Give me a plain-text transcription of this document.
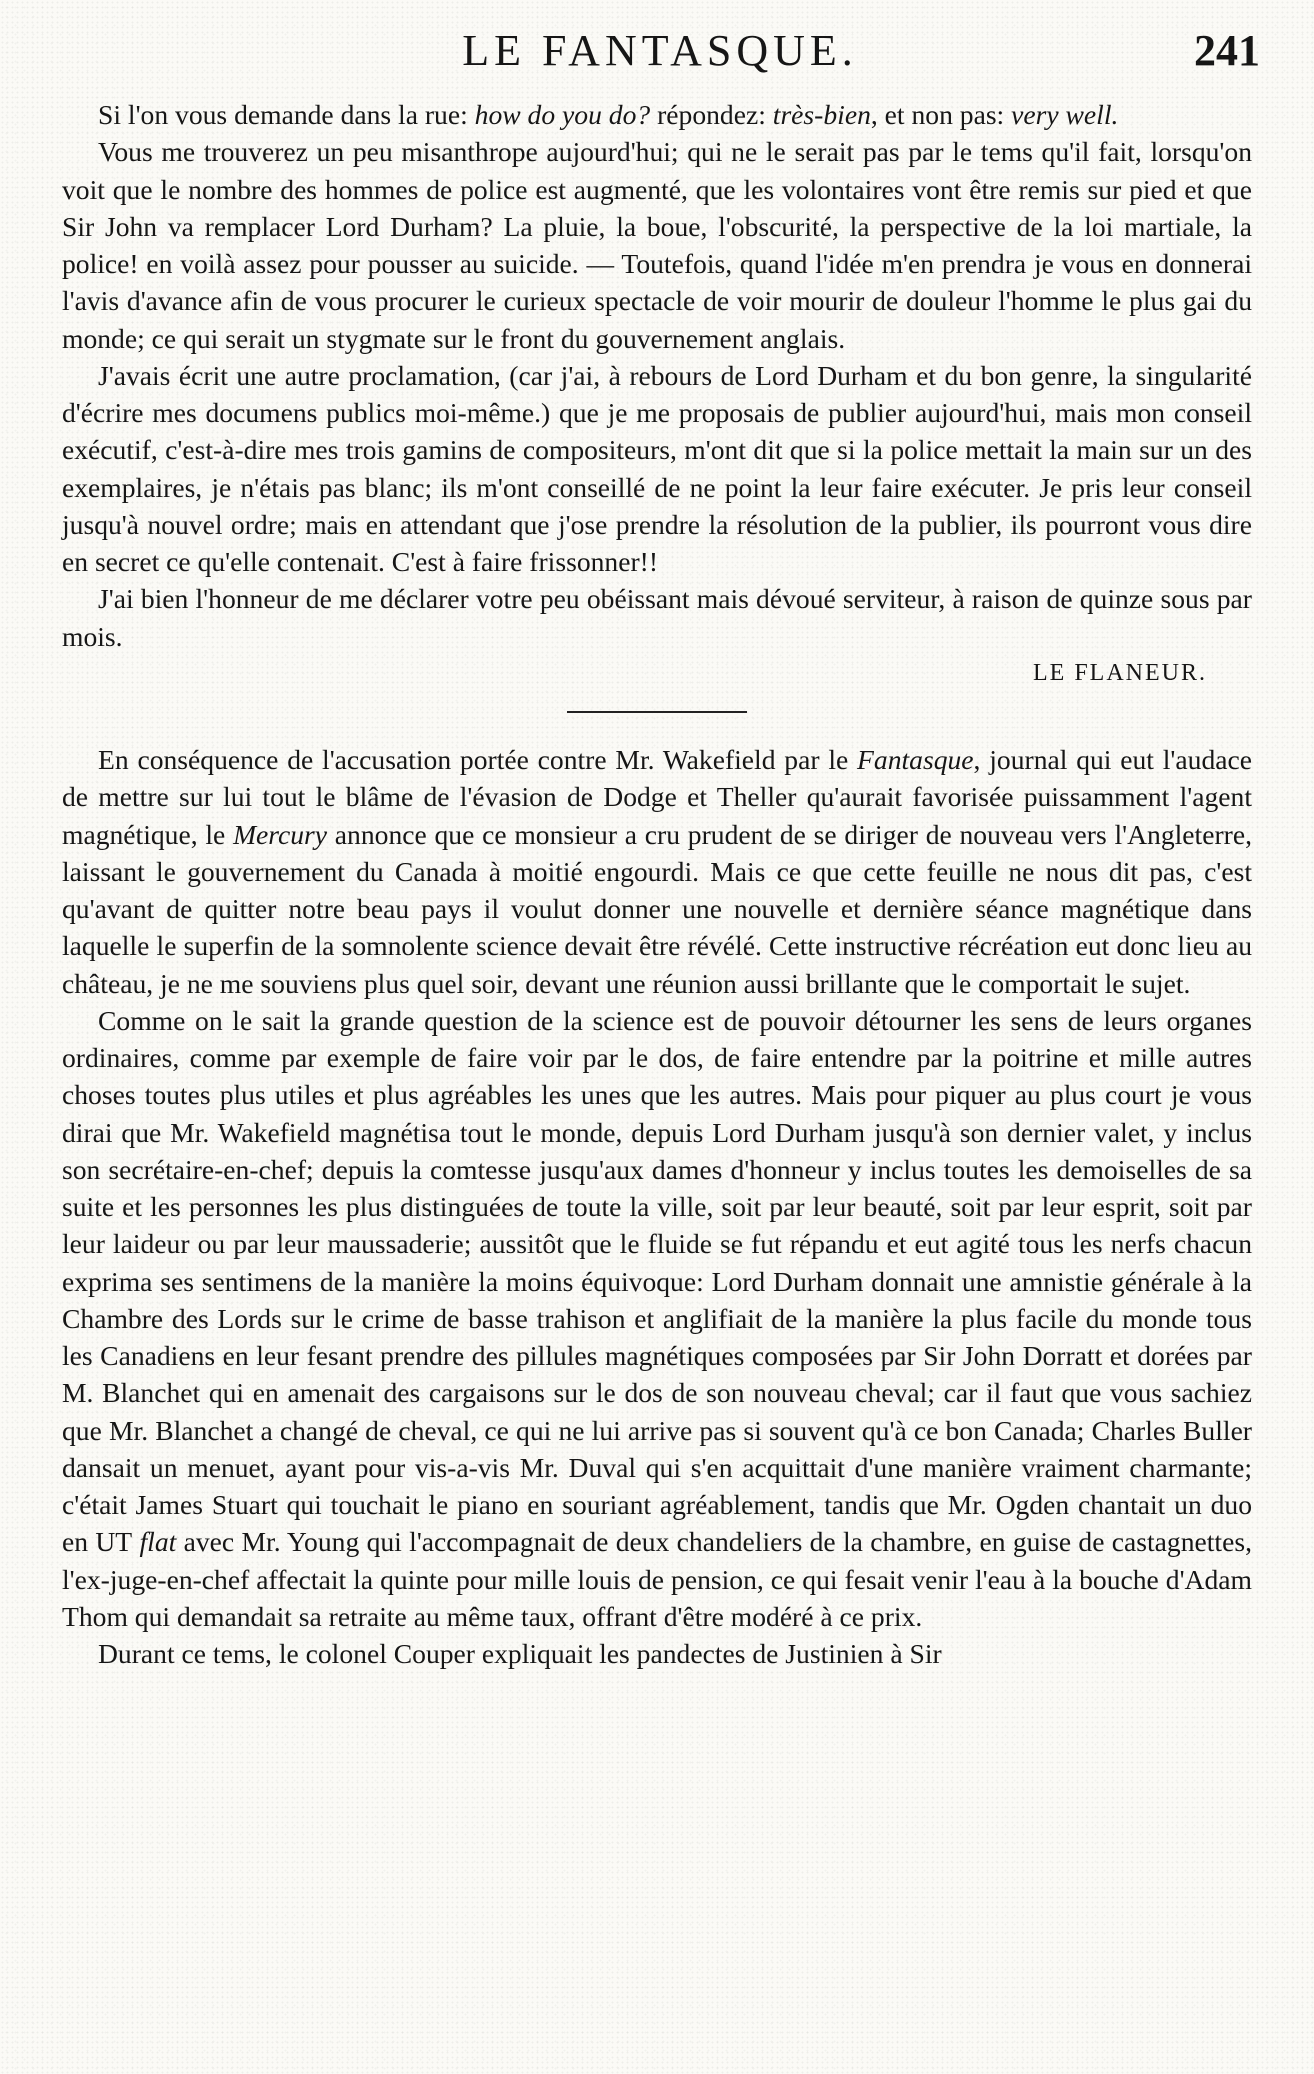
LE FANTASQUE.	241

Si l'on vous demande dans la rue: how do you do? répondez: très-bien, et non pas: very well.

Vous me trouverez un peu misanthrope aujourd'hui; qui ne le serait pas par le tems qu'il fait, lorsqu'on voit que le nombre des hommes de police est augmenté, que les volontaires vont être remis sur pied et que Sir John va remplacer Lord Durham? La pluie, la boue, l'obscurité, la perspective de la loi martiale, la police! en voilà assez pour pousser au suicide. — Toutefois, quand l'idée m'en prendra je vous en donnerai l'avis d'avance afin de vous procurer le curieux spectacle de voir mourir de douleur l'homme le plus gai du monde; ce qui serait un stygmate sur le front du gouvernement anglais.

J'avais écrit une autre proclamation, (car j'ai, à rebours de Lord Durham et du bon genre, la singularité d'écrire mes documens publics moi-même.) que je me proposais de publier aujourd'hui, mais mon conseil exécutif, c'est-à-dire mes trois gamins de compositeurs, m'ont dit que si la police mettait la main sur un des exemplaires, je n'étais pas blanc; ils m'ont conseillé de ne point la leur faire exécuter. Je pris leur conseil jusqu'à nouvel ordre; mais en attendant que j'ose prendre la résolution de la publier, ils pourront vous dire en secret ce qu'elle contenait. C'est à faire frissonner!!

J'ai bien l'honneur de me déclarer votre peu obéissant mais dévoué serviteur, à raison de quinze sous par mois.

LE FLANEUR.

En conséquence de l'accusation portée contre Mr. Wakefield par le Fantasque, journal qui eut l'audace de mettre sur lui tout le blâme de l'évasion de Dodge et Theller qu'aurait favorisée puissamment l'agent magnétique, le Mercury annonce que ce monsieur a cru prudent de se diriger de nouveau vers l'Angleterre, laissant le gouvernement du Canada à moitié engourdi. Mais ce que cette feuille ne nous dit pas, c'est qu'avant de quitter notre beau pays il voulut donner une nouvelle et dernière séance magnétique dans laquelle le superfin de la somnolente science devait être révélé. Cette instructive récréation eut donc lieu au château, je ne me souviens plus quel soir, devant une réunion aussi brillante que le comportait le sujet.

Comme on le sait la grande question de la science est de pouvoir détourner les sens de leurs organes ordinaires, comme par exemple de faire voir par le dos, de faire entendre par la poitrine et mille autres choses toutes plus utiles et plus agréables les unes que les autres. Mais pour piquer au plus court je vous dirai que Mr. Wakefield magnétisa tout le monde, depuis Lord Durham jusqu'à son dernier valet, y inclus son secrétaire-en-chef; depuis la comtesse jusqu'aux dames d'honneur y inclus toutes les demoiselles de sa suite et les personnes les plus distinguées de toute la ville, soit par leur beauté, soit par leur esprit, soit par leur laideur ou par leur maussaderie; aussitôt que le fluide se fut répandu et eut agité tous les nerfs chacun exprima ses sentimens de la manière la moins équivoque: Lord Durham donnait une amnistie générale à la Chambre des Lords sur le crime de basse trahison et anglifiait de la manière la plus facile du monde tous les Canadiens en leur fesant prendre des pillules magnétiques composées par Sir John Dorratt et dorées par M. Blanchet qui en amenait des cargaisons sur le dos de son nouveau cheval; car il faut que vous sachiez que Mr. Blanchet a changé de cheval, ce qui ne lui arrive pas si souvent qu'à ce bon Canada; Charles Buller dansait un menuet, ayant pour vis-a-vis Mr. Duval qui s'en acquittait d'une manière vraiment charmante; c'était James Stuart qui touchait le piano en souriant agréablement, tandis que Mr. Ogden chantait un duo en UT flat avec Mr. Young qui l'accompagnait de deux chandeliers de la chambre, en guise de castagnettes, l'ex-juge-en-chef affectait la quinte pour mille louis de pension, ce qui fesait venir l'eau à la bouche d'Adam Thom qui demandait sa retraite au même taux, offrant d'être modéré à ce prix.

Durant ce tems, le colonel Couper expliquait les pandectes de Justinien à Sir
